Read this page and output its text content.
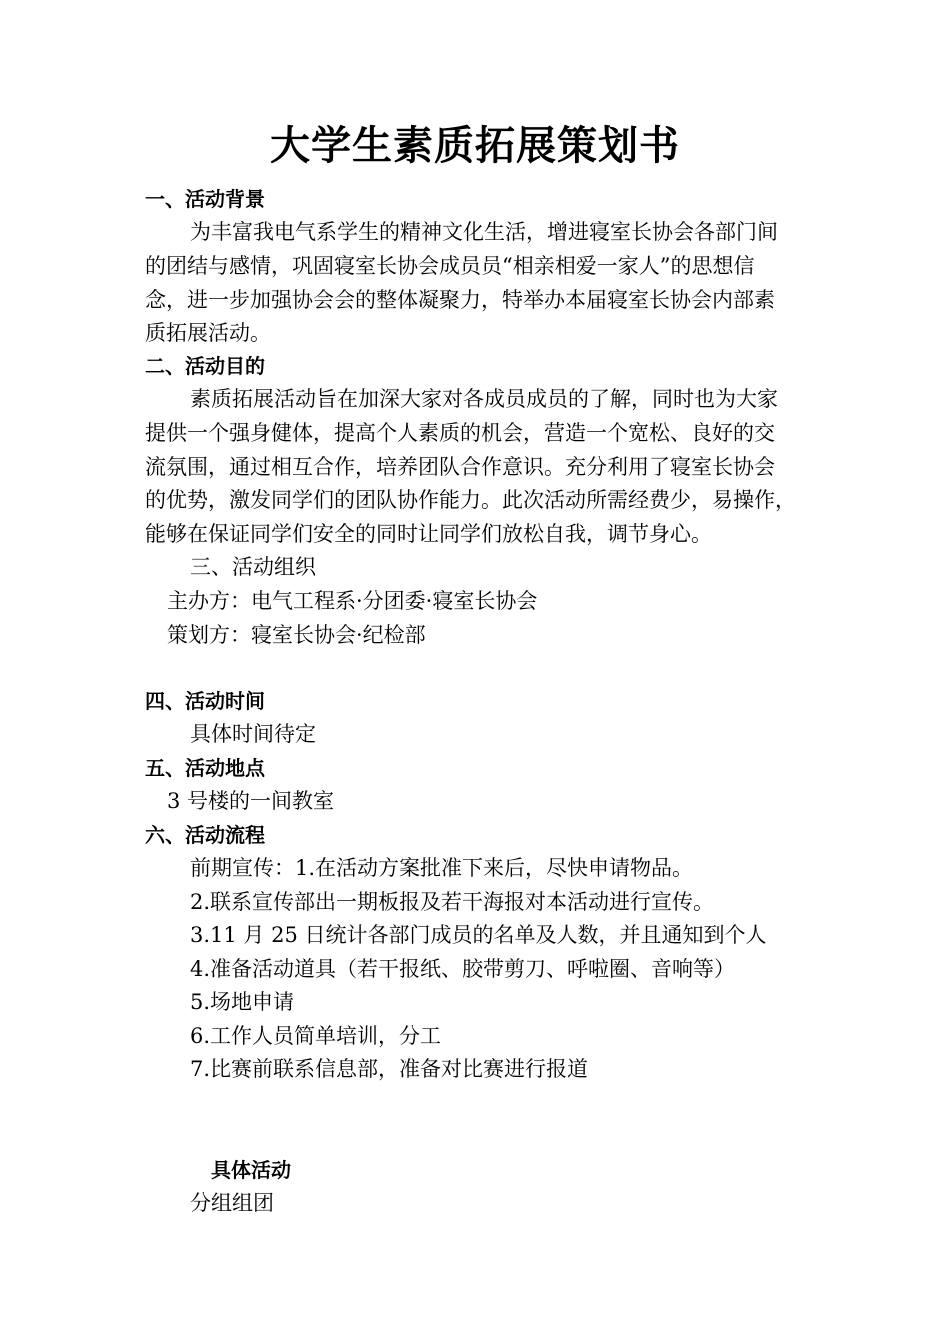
大学生素质拓展策划书
一、活动背景
为丰富我电气系学生的精神文化生活，增进寝室长协会各部门间
的团结与感情，巩固寝室长协会成员员“相亲相爱一家人”的思想信
念，进一步加强协会会的整体凝聚力，特举办本届寝室长协会内部素
质拓展活动。
二、活动目的
素质拓展活动旨在加深大家对各成员成员的了解，同时也为大家
提供一个强身健体，提高个人素质的机会，营造一个宽松、良好的交
流氛围，通过相互合作，培养团队合作意识。充分利用了寝室长协会
的优势，激发同学们的团队协作能力。此次活动所需经费少，易操作，
能够在保证同学们安全的同时让同学们放松自我，调节身心。
三、活动组织
主办方：电气工程系·分团委·寝室长协会
策划方：寝室长协会·纪检部
四、活动时间
具体时间待定
五、活动地点
3 号楼的一间教室
六、活动流程
前期宣传：1.在活动方案批准下来后，尽快申请物品。
2.联系宣传部出一期板报及若干海报对本活动进行宣传。
3.11 月 25 日统计各部门成员的名单及人数，并且通知到个人
4.准备活动道具（若干报纸、胶带剪刀、呼啦圈、音响等）
5.场地申请
6.工作人员简单培训，分工
7.比赛前联系信息部，准备对比赛进行报道
具体活动
分组组团
